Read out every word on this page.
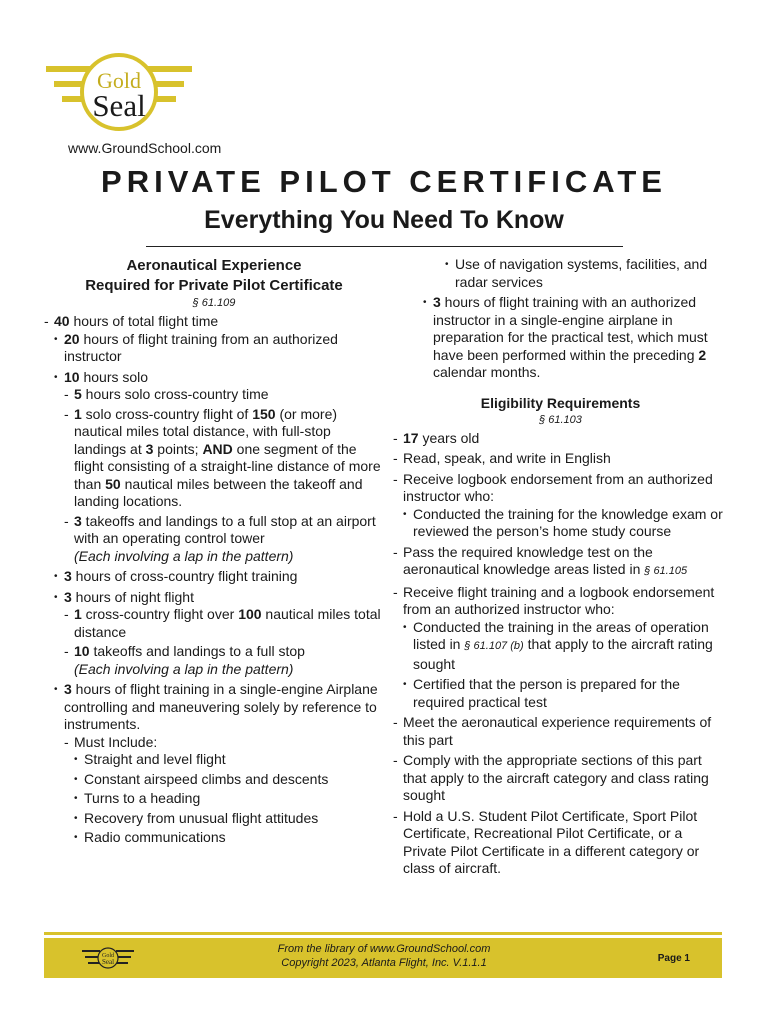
Gold
Seal
www.GroundSchool.com
PRIVATE PILOT CERTIFICATE
Everything You Need To Know
Aeronautical Experience
Required for Private Pilot Certificate
§ 61.109
- 40 hours of total flight time
• 20 hours of flight training from an authorized instructor
• 10 hours solo
- 5 hours solo cross-country time
- 1 solo cross-country flight of 150 (or more) nautical miles total distance, with full-stop landings at 3 points; AND one segment of the flight consisting of a straight-line distance of more than 50 nautical miles between the takeoff and landing locations.
- 3 takeoffs and landings to a full stop at an airport with an operating control tower
(Each involving a lap in the pattern)
• 3 hours of cross-country flight training
• 3 hours of night flight
- 1 cross-country flight over 100 nautical miles total distance
- 10 takeoffs and landings to a full stop
(Each involving a lap in the pattern)
• 3 hours of flight training in a single-engine Airplane controlling and maneuvering solely by reference to instruments.
- Must Include:
• Straight and level flight
• Constant airspeed climbs and descents
• Turns to a heading
• Recovery from unusual flight attitudes
• Radio communications
• Use of navigation systems, facilities, and radar services
• 3 hours of flight training with an authorized instructor in a single-engine airplane in preparation for the practical test, which must have been performed within the preceding 2 calendar months.
Eligibility Requirements
§ 61.103
- 17 years old
- Read, speak, and write in English
- Receive logbook endorsement from an authorized instructor who:
• Conducted the training for the knowledge exam or reviewed the person’s home study course
- Pass the required knowledge test on the aeronautical knowledge areas listed in § 61.105
- Receive flight training and a logbook endorsement from an authorized instructor who:
• Conducted the training in the areas of operation listed in § 61.107 (b) that apply to the aircraft rating sought
• Certified that the person is prepared for the required practical test
- Meet the aeronautical experience requirements of this part
- Comply with the appropriate sections of this part that apply to the aircraft category and class rating sought
- Hold a U.S. Student Pilot Certificate, Sport Pilot Certificate, Recreational Pilot Certificate, or a Private Pilot Certificate in a different category or class of aircraft.
Gold
Seal
From the library of www.GroundSchool.com
Copyright 2023, Atlanta Flight, Inc. V.1.1.1	Page 1
